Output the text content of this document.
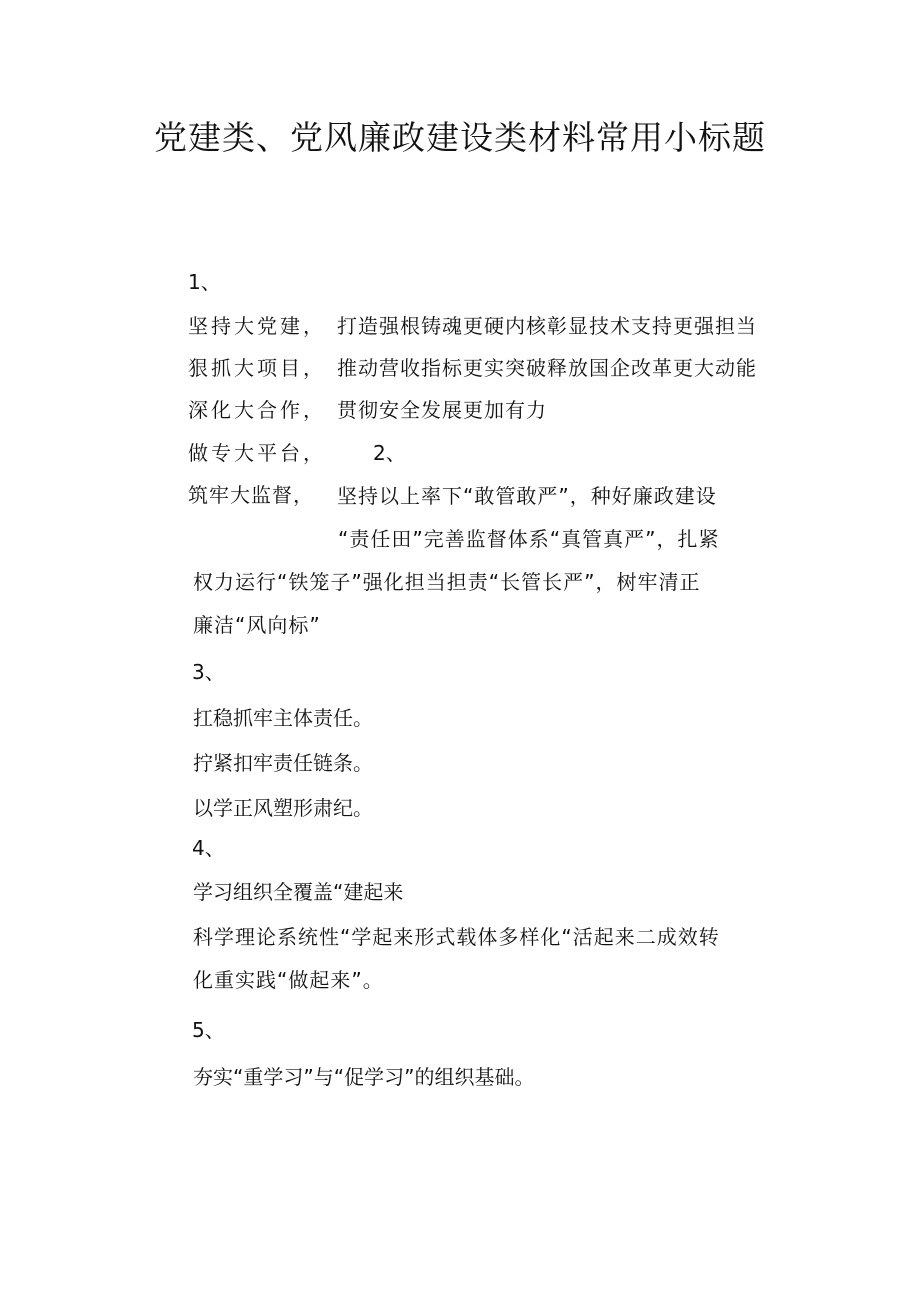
党建类、党风廉政建设类材料常用小标题
1、
坚持大党建，
狠抓大项目，
深化大合作，
做专大平台，
筑牢大监督，
打造强根铸魂更硬内核彰显技术支持更强担当
推动营收指标更实突破释放国企改革更大动能
贯彻安全发展更加有力
2、
坚持以上率下“敢管敢严”，种好廉政建设
“责任田”完善监督体系“真管真严”，扎紧
权力运行“铁笼子”强化担当担责“长管长严”，树牢清正
廉洁“风向标”
3、
扛稳抓牢主体责任。
拧紧扣牢责任链条。
以学正风塑形肃纪。
4、
学习组织全覆盖“建起来
科学理论系统性“学起来形式载体多样化“活起来二成效转
化重实践“做起来”。
5、
夯实“重学习”与“促学习”的组织基础。
